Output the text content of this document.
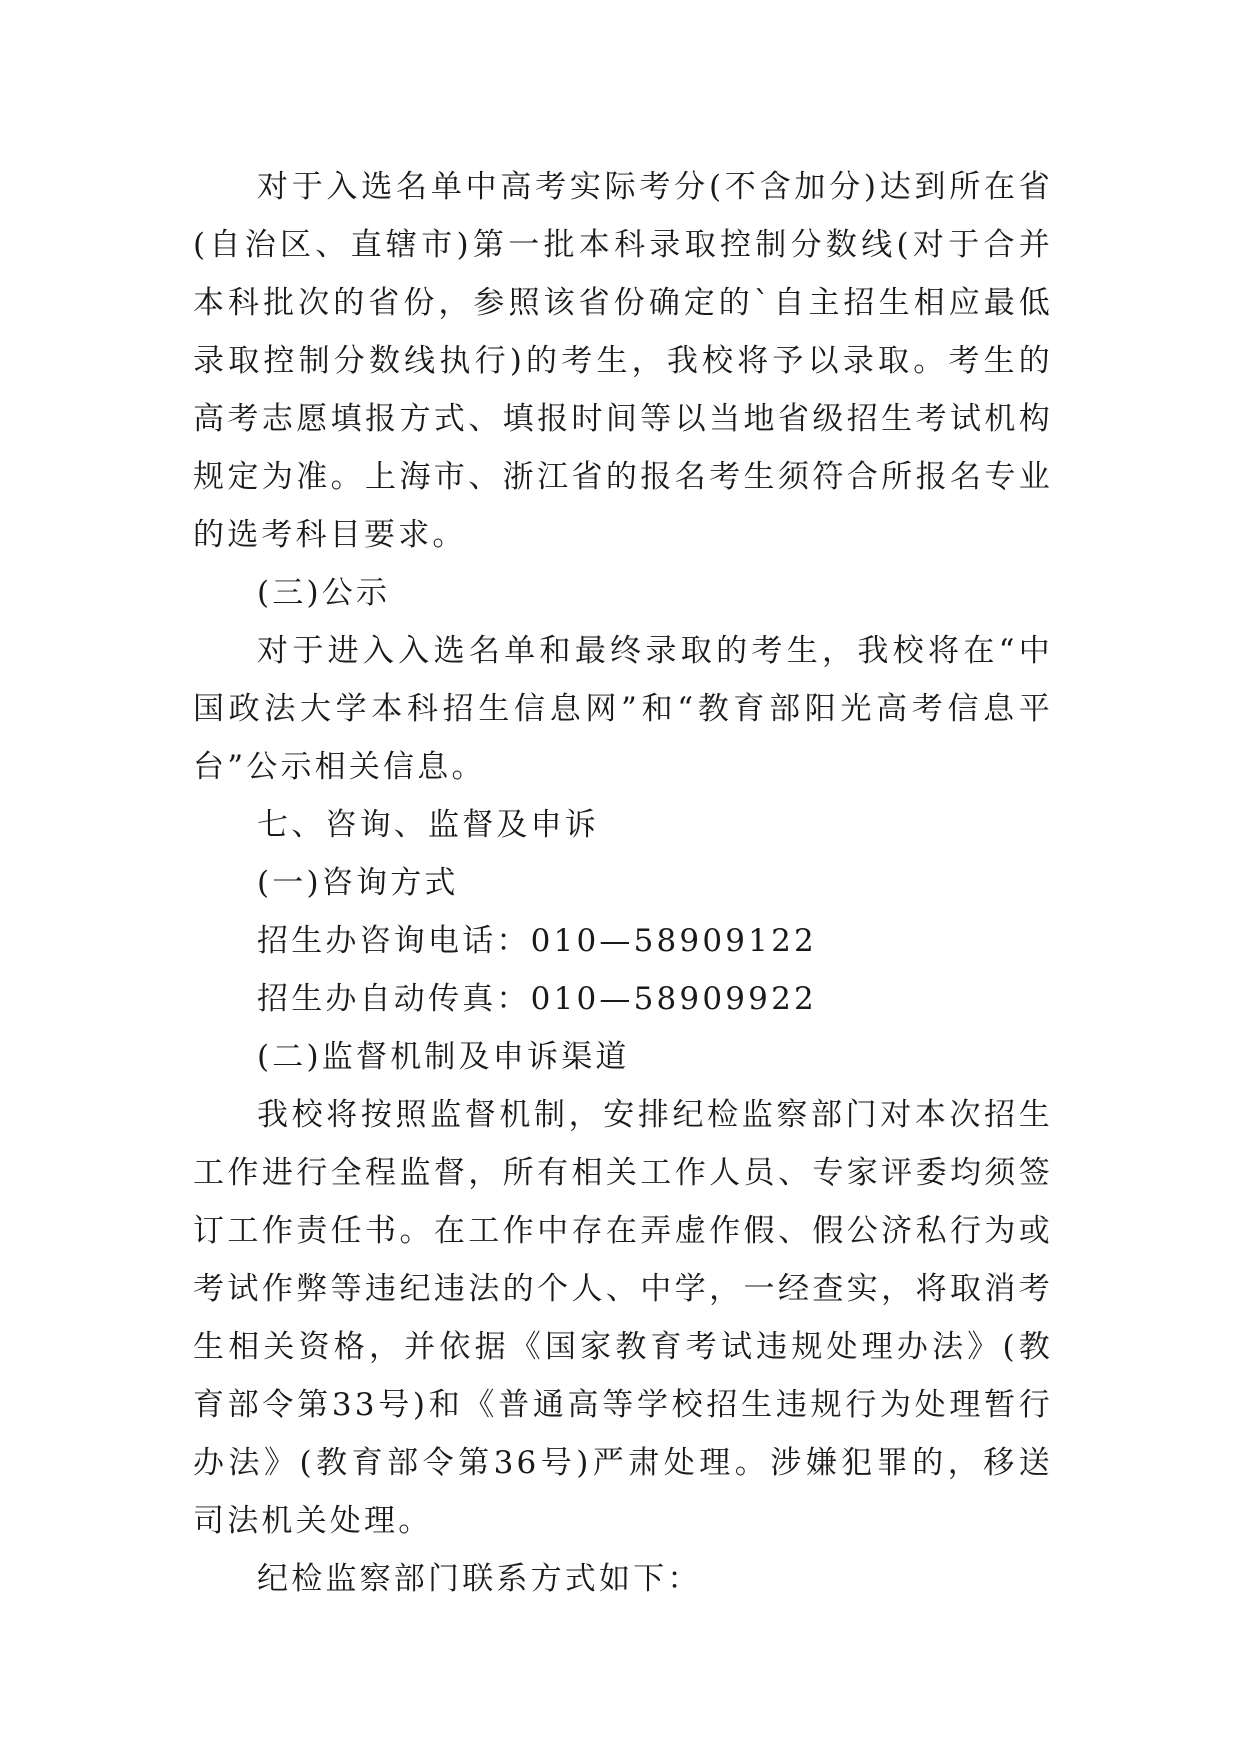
对于入选名单中高考实际考分(不含加分)达到所在省(自治区、直辖市)第一批本科录取控制分数线(对于合并本科批次的省份，参照该省份确定的`自主招生相应最低录取控制分数线执行)的考生，我校将予以录取。考生的高考志愿填报方式、填报时间等以当地省级招生考试机构规定为准。上海市、浙江省的报名考生须符合所报名专业的选考科目要求。

(三)公示

对于进入入选名单和最终录取的考生，我校将在“中国政法大学本科招生信息网”和“教育部阳光高考信息平台”公示相关信息。

七、咨询、监督及申诉

(一)咨询方式

招生办咨询电话：010—58909122

招生办自动传真：010—58909922

(二)监督机制及申诉渠道

我校将按照监督机制，安排纪检监察部门对本次招生工作进行全程监督，所有相关工作人员、专家评委均须签订工作责任书。在工作中存在弄虚作假、假公济私行为或考试作弊等违纪违法的个人、中学，一经查实，将取消考生相关资格，并依据《国家教育考试违规处理办法》(教育部令第33号)和《普通高等学校招生违规行为处理暂行办法》(教育部令第36号)严肃处理。涉嫌犯罪的，移送司法机关处理。

纪检监察部门联系方式如下：
